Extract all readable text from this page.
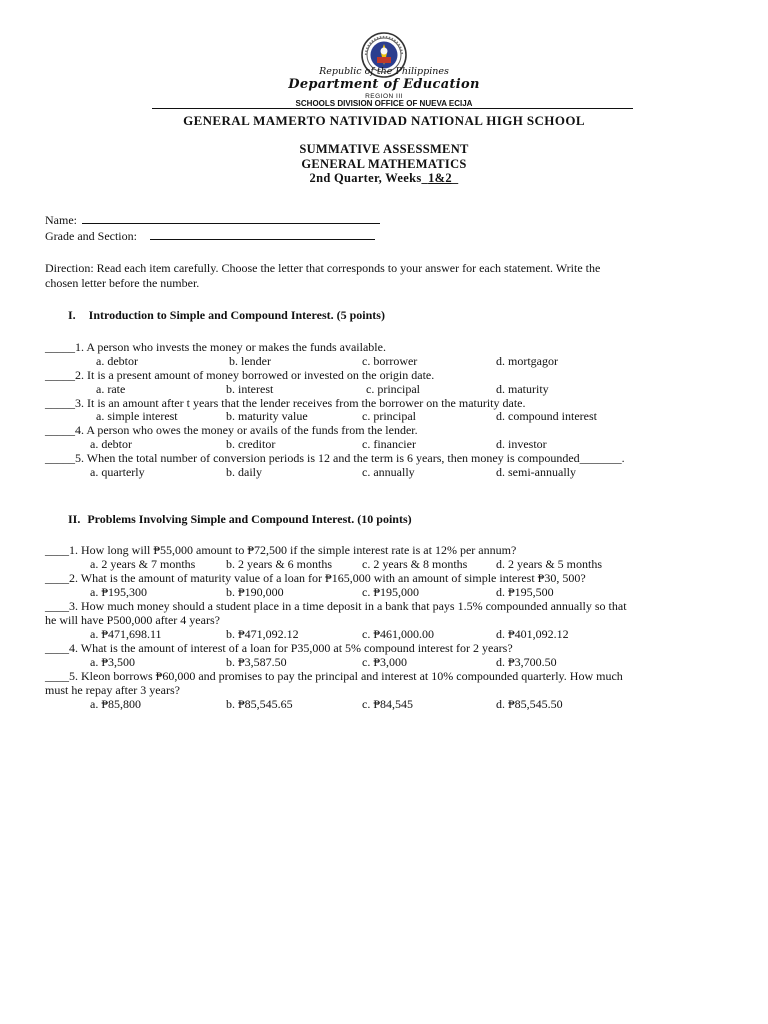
Republic of the Philippines
Department of Education
REGION III
SCHOOLS DIVISION OFFICE OF NUEVA ECIJA
GENERAL MAMERTO NATIVIDAD NATIONAL HIGH SCHOOL
SUMMATIVE ASSESSMENT
GENERAL MATHEMATICS
2nd Quarter, Weeks_1&2_
Name:
Grade and Section:
Direction: Read each item carefully. Choose the letter that corresponds to your answer for each statement. Write the
chosen letter before the number.
I. Introduction to Simple and Compound Interest. (5 points)
_____1. A person who invests the money or makes the funds available.
a. debtor	b. lender	c. borrower	d. mortgagor
_____2. It is a present amount of money borrowed or invested on the origin date.
a. rate	b. interest	c. principal	d. maturity
_____3. It is an amount after t years that the lender receives from the borrower on the maturity date.
a. simple interest	b. maturity value	c. principal	d. compound interest
_____4. A person who owes the money or avails of the funds from the lender.
a. debtor	b. creditor	c. financier	d. investor
_____5. When the total number of conversion periods is 12 and the term is 6 years, then money is compounded_______.
a. quarterly	b. daily	c. annually	d. semi-annually
II. Problems Involving Simple and Compound Interest. (10 points)
____1. How long will ₱55,000 amount to ₱72,500 if the simple interest rate is at 12% per annum?
a. 2 years & 7 months	b. 2 years & 6 months	c. 2 years & 8 months d. 2 years & 5 months
____2. What is the amount of maturity value of a loan for ₱165,000 with an amount of simple interest ₱30, 500?
a. ₱195,300	b. ₱190,000	c. ₱195,000	d. ₱195,500
____3. How much money should a student place in a time deposit in a bank that pays 1.5% compounded annually so that
he will have P500,000 after 4 years?
a. ₱471,698.11	b. ₱471,092.12	c. ₱461,000.00	d. ₱401,092.12
____4. What is the amount of interest of a loan for P35,000 at 5% compound interest for 2 years?
a. ₱3,500	b. ₱3,587.50	c. ₱3,000	d. ₱3,700.50
____5. Kleon borrows ₱60,000 and promises to pay the principal and interest at 10% compounded quarterly. How much
must he repay after 3 years?
a. ₱85,800	b. ₱85,545.65	c. ₱84,545	d. ₱85,545.50
